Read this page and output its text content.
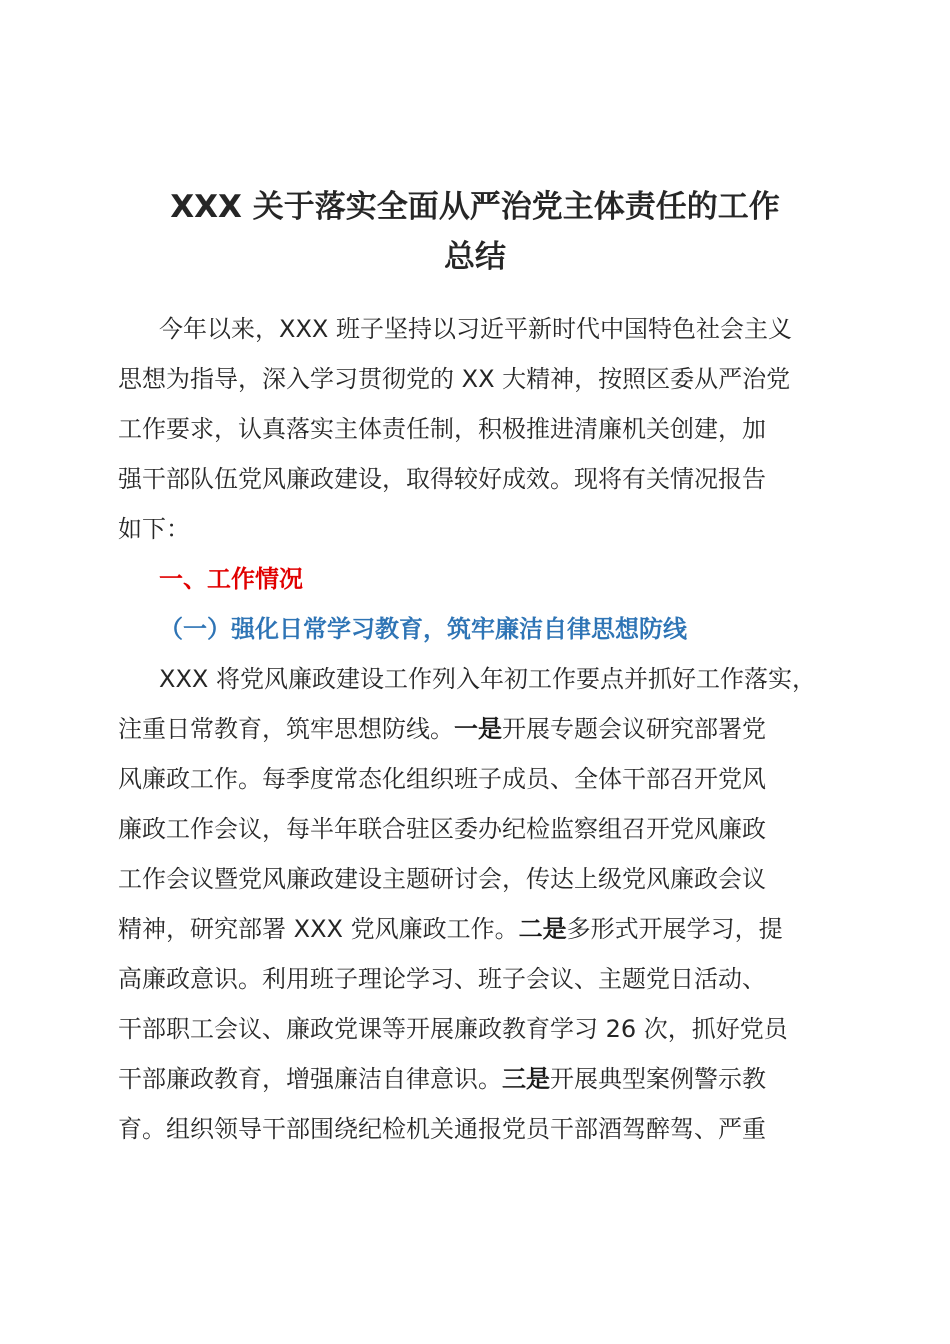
XXX 关于落实全面从严治党主体责任的工作
总结
今年以来，XXX 班子坚持以习近平新时代中国特色社会主义
思想为指导，深入学习贯彻党的 XX 大精神，按照区委从严治党
工作要求，认真落实主体责任制，积极推进清廉机关创建，加
强干部队伍党风廉政建设，取得较好成效。现将有关情况报告
如下：
一、工作情况
（一）强化日常学习教育，筑牢廉洁自律思想防线
XXX 将党风廉政建设工作列入年初工作要点并抓好工作落实，
注重日常教育，筑牢思想防线。一是开展专题会议研究部署党
风廉政工作。每季度常态化组织班子成员、全体干部召开党风
廉政工作会议，每半年联合驻区委办纪检监察组召开党风廉政
工作会议暨党风廉政建设主题研讨会，传达上级党风廉政会议
精神，研究部署 XXX 党风廉政工作。二是多形式开展学习，提
高廉政意识。利用班子理论学习、班子会议、主题党日活动、
干部职工会议、廉政党课等开展廉政教育学习 26 次，抓好党员
干部廉政教育，增强廉洁自律意识。三是开展典型案例警示教
育。组织领导干部围绕纪检机关通报党员干部酒驾醉驾、严重
